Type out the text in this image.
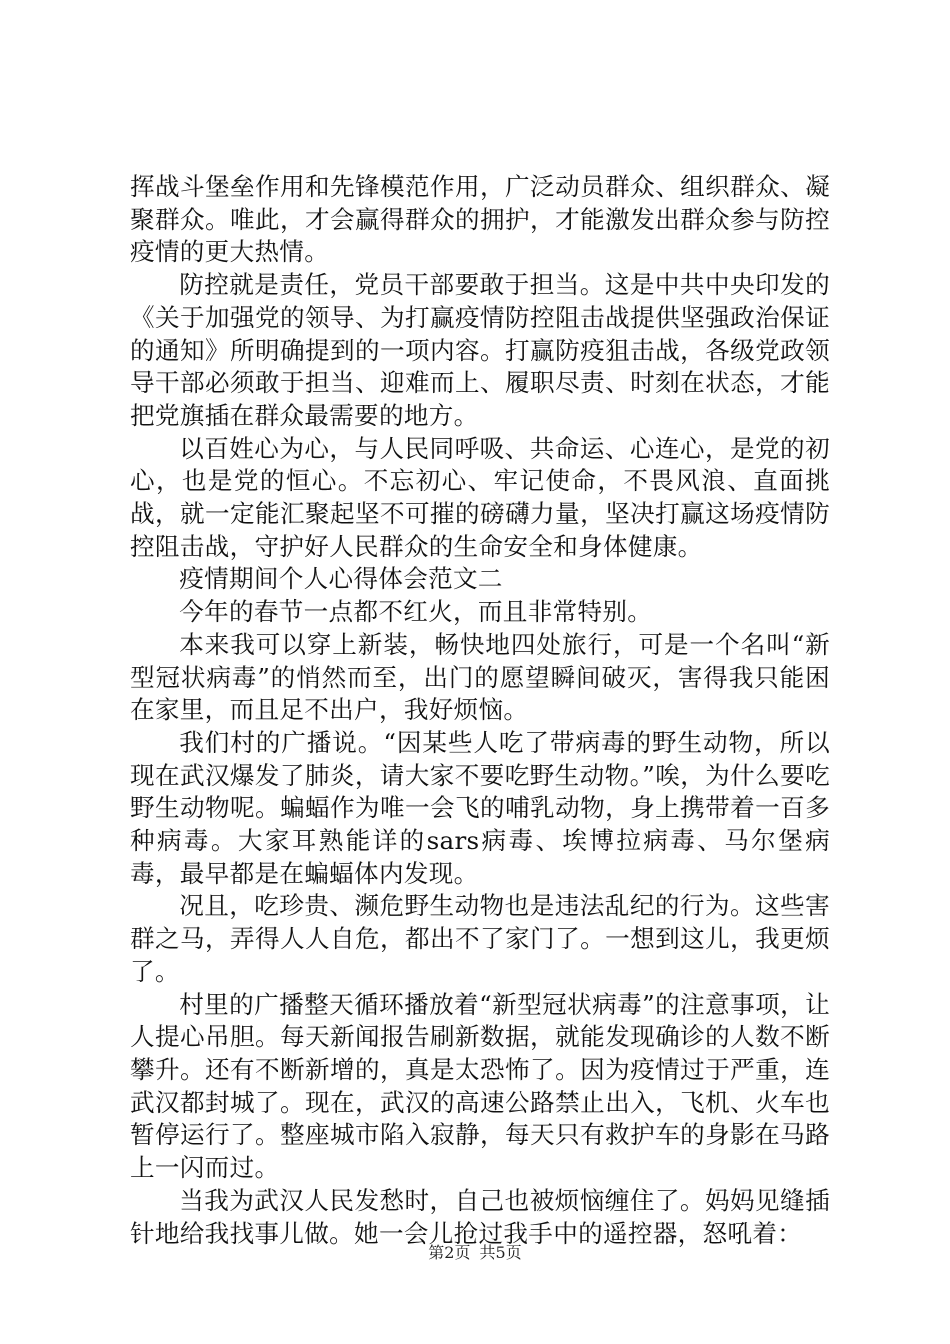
挥战斗堡垒作用和先锋模范作用，广泛动员群众、组织群众、凝聚群众。唯此，才会赢得群众的拥护，才能激发出群众参与防控疫情的更大热情。

防控就是责任，党员干部要敢于担当。这是中共中央印发的《关于加强党的领导、为打赢疫情防控阻击战提供坚强政治保证的通知》所明确提到的一项内容。打赢防疫狙击战，各级党政领导干部必须敢于担当、迎难而上、履职尽责、时刻在状态，才能把党旗插在群众最需要的地方。

以百姓心为心，与人民同呼吸、共命运、心连心，是党的初心，也是党的恒心。不忘初心、牢记使命，不畏风浪、直面挑战，就一定能汇聚起坚不可摧的磅礴力量，坚决打赢这场疫情防控阻击战，守护好人民群众的生命安全和身体健康。

疫情期间个人心得体会范文二

今年的春节一点都不红火，而且非常特别。

本来我可以穿上新装，畅快地四处旅行，可是一个名叫“新型冠状病毒”的悄然而至，出门的愿望瞬间破灭，害得我只能困在家里，而且足不出户，我好烦恼。

我们村的广播说。“因某些人吃了带病毒的野生动物，所以现在武汉爆发了肺炎，请大家不要吃野生动物。”唉，为什么要吃野生动物呢。蝙蝠作为唯一会飞的哺乳动物，身上携带着一百多种病毒。大家耳熟能详的sars病毒、埃博拉病毒、马尔堡病毒，最早都是在蝙蝠体内发现。

况且，吃珍贵、濒危野生动物也是违法乱纪的行为。这些害群之马，弄得人人自危，都出不了家门了。一想到这儿，我更烦了。

村里的广播整天循环播放着“新型冠状病毒”的注意事项，让人提心吊胆。每天新闻报告刷新数据，就能发现确诊的人数不断攀升。还有不断新增的，真是太恐怖了。因为疫情过于严重，连武汉都封城了。现在，武汉的高速公路禁止出入，飞机、火车也暂停运行了。整座城市陷入寂静，每天只有救护车的身影在马路上一闪而过。

当我为武汉人民发愁时，自己也被烦恼缠住了。妈妈见缝插针地给我找事儿做。她一会儿抢过我手中的遥控器，怒吼着：

第2页 共5页
